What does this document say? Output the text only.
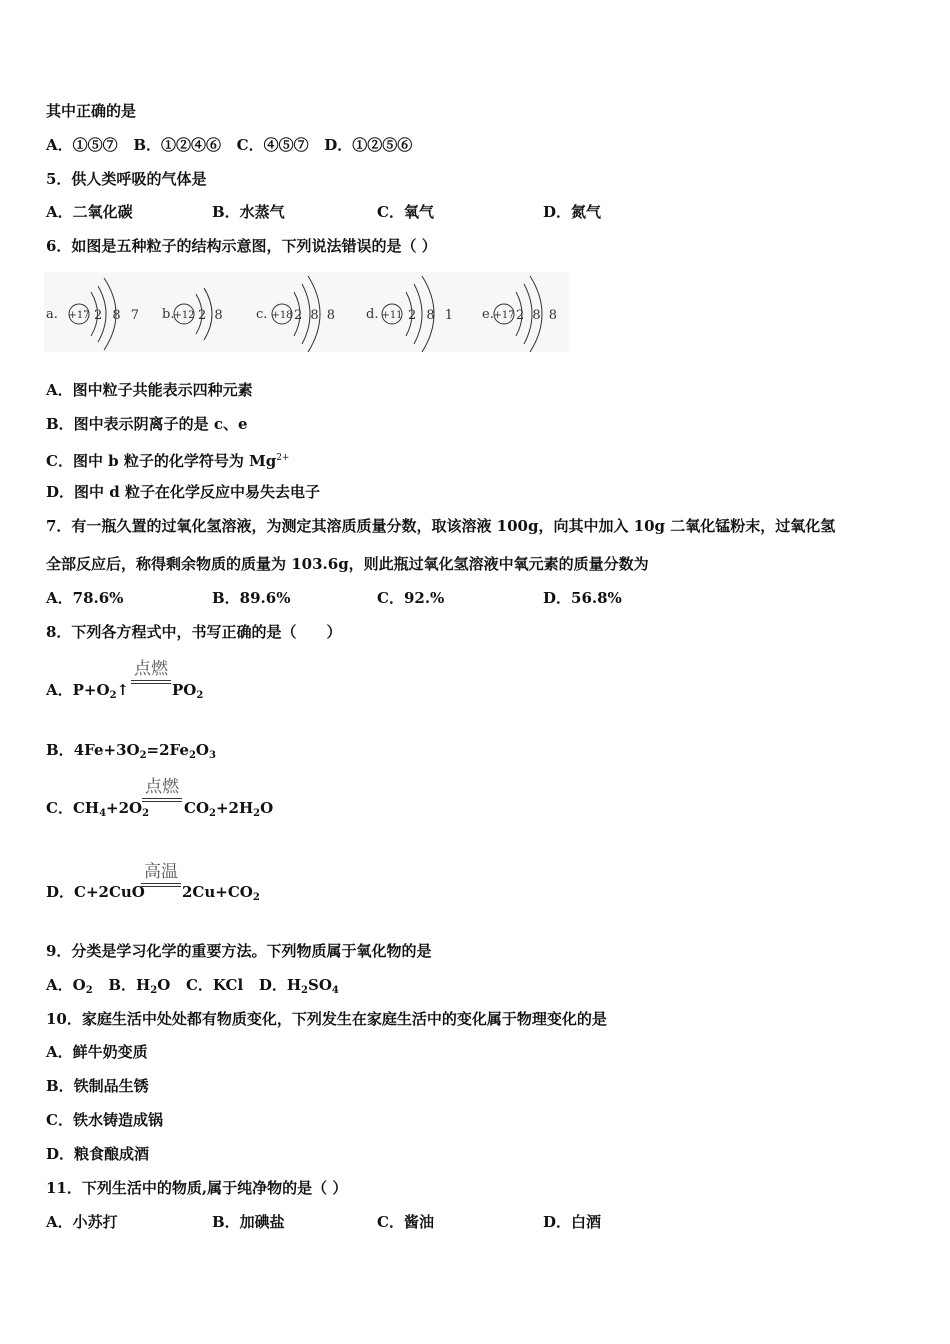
其中正确的是
A．①⑤⑦ B．①②④⑥ C．④⑤⑦ D．①②⑤⑥
5．供人类呼吸的气体是
A．二氧化碳	B．水蒸气	C．氧气	D．氮气
6．如图是五种粒子的结构示意图，下列说法错误的是（ ）
a. +17 2 8 7 b.
+12 2 8 c. +18 2 8 8 d. +11 2 8 1 e. +17 2 8 8
A．图中粒子共能表示四种元素
B．图中表示阴离子的是 c、e
C．图中 b 粒子的化学符号为 $Mg^{2+}$
D．图中 d 粒子在化学反应中易失去电子
7．有一瓶久置的过氧化氢溶液，为测定其溶质质量分数，取该溶液 100g，向其中加入 10g 二氧化锰粉末，过氧化氢
全部反应后，称得剩余物质的质量为 103.6g，则此瓶过氧化氢溶液中氧元素的质量分数为
A．78.6%	B．89.6%	C．92.%	D．56.8%
8．下列各方程式中，书写正确的是（　　）
A．$P+O_2↑$
点燃
$PO_2$
B．$4Fe+3O_2=2Fe_2O_3$
C．$CH_4+2O_2$
点燃
$CO_2+2H_2O$
D．C+2CuO
高温
$2Cu+CO_2$
9．分类是学习化学的重要方法。下列物质属于氧化物的是
A．$O_2$ B．$H_2O$ C．KCl D．$H_2SO_4$
10．家庭生活中处处都有物质变化，下列发生在家庭生活中的变化属于物理变化的是
A．鲜牛奶变质
B．铁制品生锈
C．铁水铸造成锅
D．粮食酿成酒
11．下列生活中的物质,属于纯净物的是（ ）
A．小苏打	B．加碘盐	C．酱油	D．白酒
